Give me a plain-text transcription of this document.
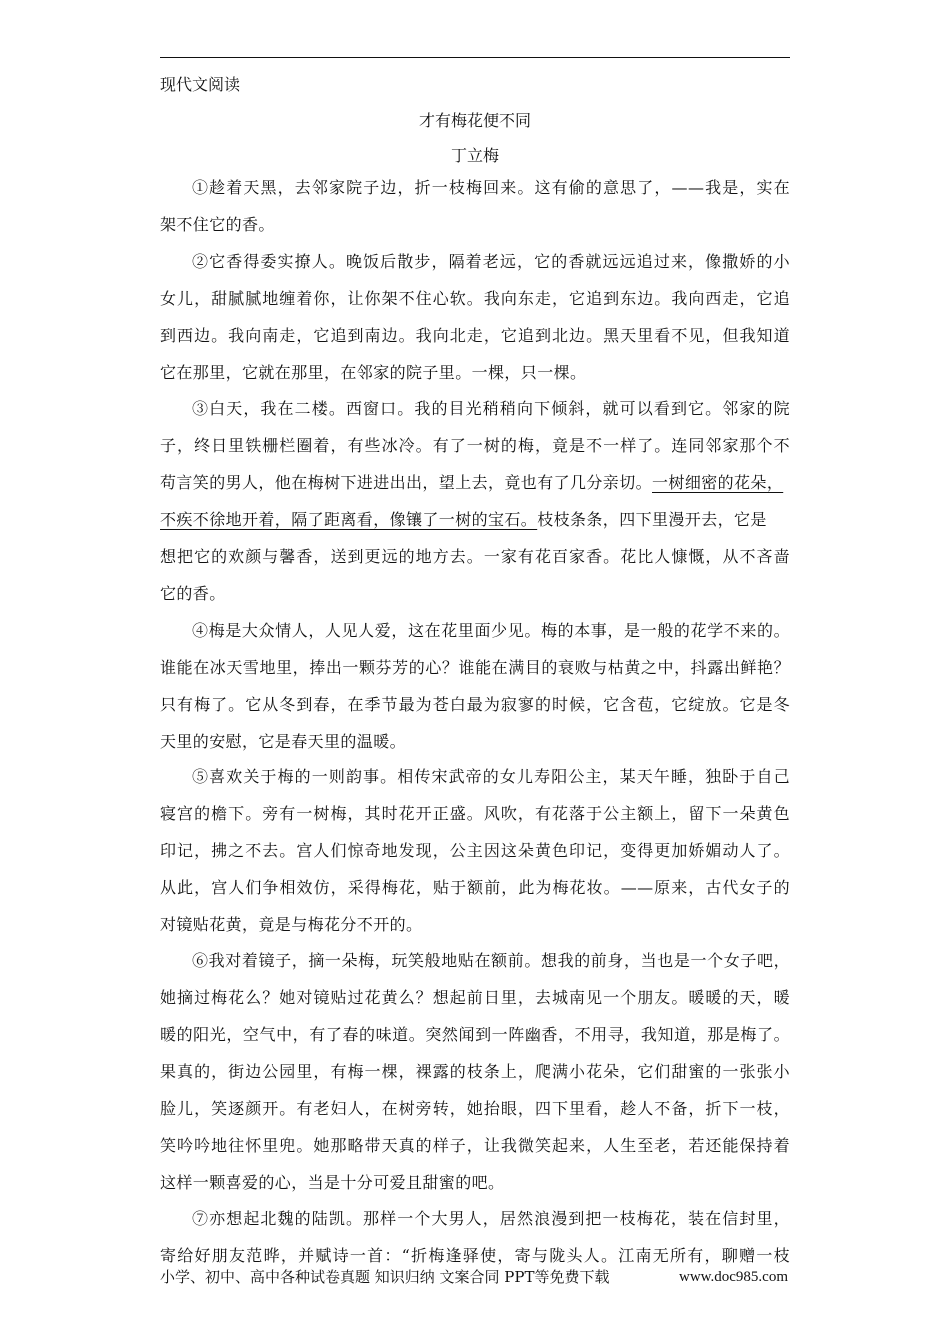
现代文阅读
才有梅花便不同
丁立梅
①趁着天黑，去邻家院子边，折一枝梅回来。这有偷的意思了，——我是，实在
架不住它的香。
②它香得委实撩人。晚饭后散步，隔着老远，它的香就远远追过来，像撒娇的小
女儿，甜腻腻地缠着你，让你架不住心软。我向东走，它追到东边。我向西走，它追
到西边。我向南走，它追到南边。我向北走，它追到北边。黑天里看不见，但我知道
它在那里，它就在那里，在邻家的院子里。一棵，只一棵。
③白天，我在二楼。西窗口。我的目光稍稍向下倾斜，就可以看到它。邻家的院
子，终日里铁栅栏圈着，有些冰冷。有了一树的梅，竟是不一样了。连同邻家那个不
苟言笑的男人，他在梅树下进进出出，望上去，竟也有了几分亲切。一树细密的花朵，
不疾不徐地开着，隔了距离看，像镶了一树的宝石。枝枝条条，四下里漫开去，它是
想把它的欢颜与馨香，送到更远的地方去。一家有花百家香。花比人慷慨，从不吝啬
它的香。
④梅是大众情人，人见人爱，这在花里面少见。梅的本事，是一般的花学不来的。
谁能在冰天雪地里，捧出一颗芬芳的心？谁能在满目的衰败与枯黄之中，抖露出鲜艳？
只有梅了。它从冬到春，在季节最为苍白最为寂寥的时候，它含苞，它绽放。它是冬
天里的安慰，它是春天里的温暖。
⑤喜欢关于梅的一则韵事。相传宋武帝的女儿寿阳公主，某天午睡，独卧于自己
寝宫的檐下。旁有一树梅，其时花开正盛。风吹，有花落于公主额上，留下一朵黄色
印记，拂之不去。宫人们惊奇地发现，公主因这朵黄色印记，变得更加娇媚动人了。
从此，宫人们争相效仿，采得梅花，贴于额前，此为梅花妆。——原来，古代女子的
对镜贴花黄，竟是与梅花分不开的。
⑥我对着镜子，摘一朵梅，玩笑般地贴在额前。想我的前身，当也是一个女子吧，
她摘过梅花么？她对镜贴过花黄么？想起前日里，去城南见一个朋友。暖暖的天，暖
暖的阳光，空气中，有了春的味道。突然闻到一阵幽香，不用寻，我知道，那是梅了。
果真的，街边公园里，有梅一棵，裸露的枝条上，爬满小花朵，它们甜蜜的一张张小
脸儿，笑逐颜开。有老妇人，在树旁转，她抬眼，四下里看，趁人不备，折下一枝，
笑吟吟地往怀里兜。她那略带天真的样子，让我微笑起来，人生至老，若还能保持着
这样一颗喜爱的心，当是十分可爱且甜蜜的吧。
⑦亦想起北魏的陆凯。那样一个大男人，居然浪漫到把一枝梅花，装在信封里，
寄给好朋友范晔，并赋诗一首：“折梅逢驿使，寄与陇头人。江南无所有，聊赠一枝
小学、初中、高中各种试卷真题 知识归纳 文案合同 PPT等免费下载	www.doc985.com
